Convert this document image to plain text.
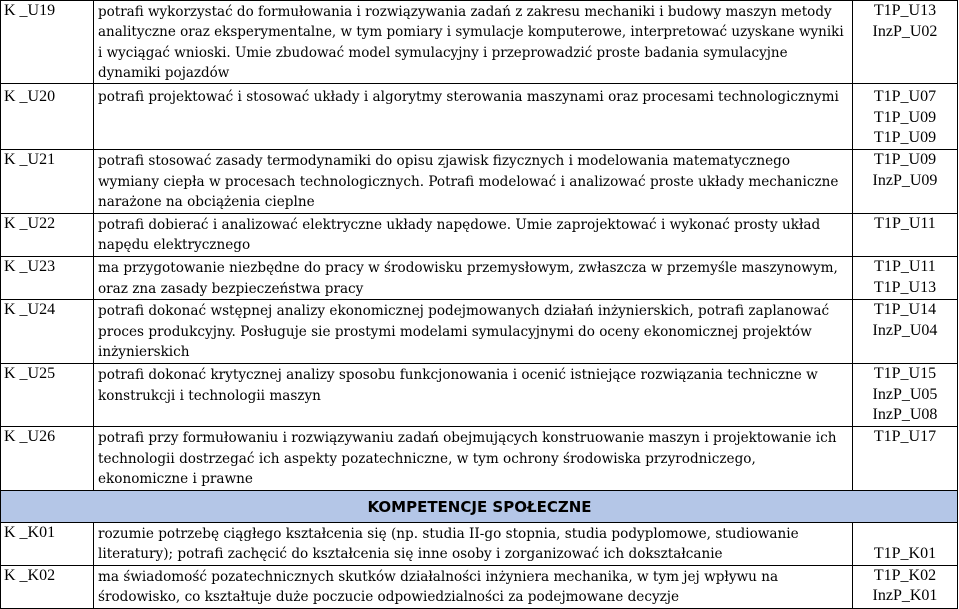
K _U19	potrafi wykorzystać do formułowania i rozwiązywania zadań z zakresu mechaniki i budowy maszyn metody analityczne oraz eksperymentalne, w tym pomiary i symulacje komputerowe, interpretować uzyskane wyniki i wyciągać wnioski. Umie zbudować model symulacyjny i przeprowadzić proste badania symulacyjne dynamiki pojazdów	T1P_U13
InzP_U02

K _U20	potrafi projektować i stosować układy i algorytmy sterowania maszynami oraz procesami technologicznymi	T1P_U07
T1P_U09
T1P_U09

K _U21	potrafi stosować zasady termodynamiki do opisu zjawisk fizycznych i modelowania matematycznego wymiany ciepła w procesach technologicznych. Potrafi modelować i analizować proste układy mechaniczne narażone na obciążenia cieplne	T1P_U09
InzP_U09

K _U22	potrafi dobierać i analizować elektryczne układy napędowe. Umie zaprojektować i wykonać prosty układ napędu elektrycznego	T1P_U11

K _U23	ma przygotowanie niezbędne do pracy w środowisku przemysłowym, zwłaszcza w przemyśle maszynowym, oraz zna zasady bezpieczeństwa pracy	T1P_U11
T1P_U13

K _U24	potrafi dokonać wstępnej analizy ekonomicznej podejmowanych działań inżynierskich, potrafi zaplanować proces produkcyjny. Posługuje sie prostymi modelami symulacyjnymi do oceny ekonomicznej projektów inżynierskich	T1P_U14
InzP_U04

K _U25	potrafi dokonać krytycznej analizy sposobu funkcjonowania i ocenić istniejące rozwiązania techniczne w konstrukcji i technologii maszyn	T1P_U15
InzP_U05
InzP_U08

K _U26	potrafi przy formułowaniu i rozwiązywaniu zadań obejmujących konstruowanie maszyn i projektowanie ich technologii dostrzegać ich aspekty pozatechniczne, w tym ochrony środowiska przyrodniczego, ekonomiczne i prawne	T1P_U17

KOMPETENCJE SPOŁECZNE		
K _K01	rozumie potrzebę ciągłego kształcenia się (np. studia II-go stopnia, studia podyplomowe, studiowanie literatury); potrafi zachęcić do kształcenia się inne osoby i zorganizować ich dokształcanie	T1P_K01

K _K02	ma świadomość pozatechnicznych skutków działalności inżyniera mechanika, w tym jej wpływu na środowisko, co kształtuje duże poczucie odpowiedzialności za podejmowane decyzje	T1P_K02
InzP_K01
